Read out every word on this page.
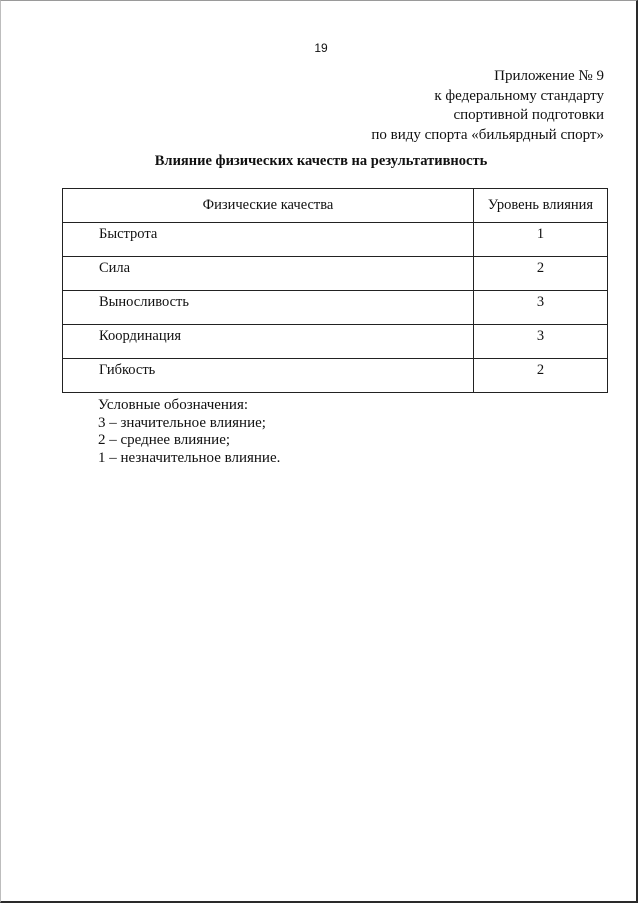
19
Приложение № 9
к федеральному стандарту
спортивной подготовки
по виду спорта «бильярдный спорт»
Влияние физических качеств на результативность
Физические качества	Уровень влияния
Быстрота	1
Сила	2
Выносливость	3
Координация	3
Гибкость	2
Условные обозначения:
3 – значительное влияние;
2 – среднее влияние;
1 – незначительное влияние.
